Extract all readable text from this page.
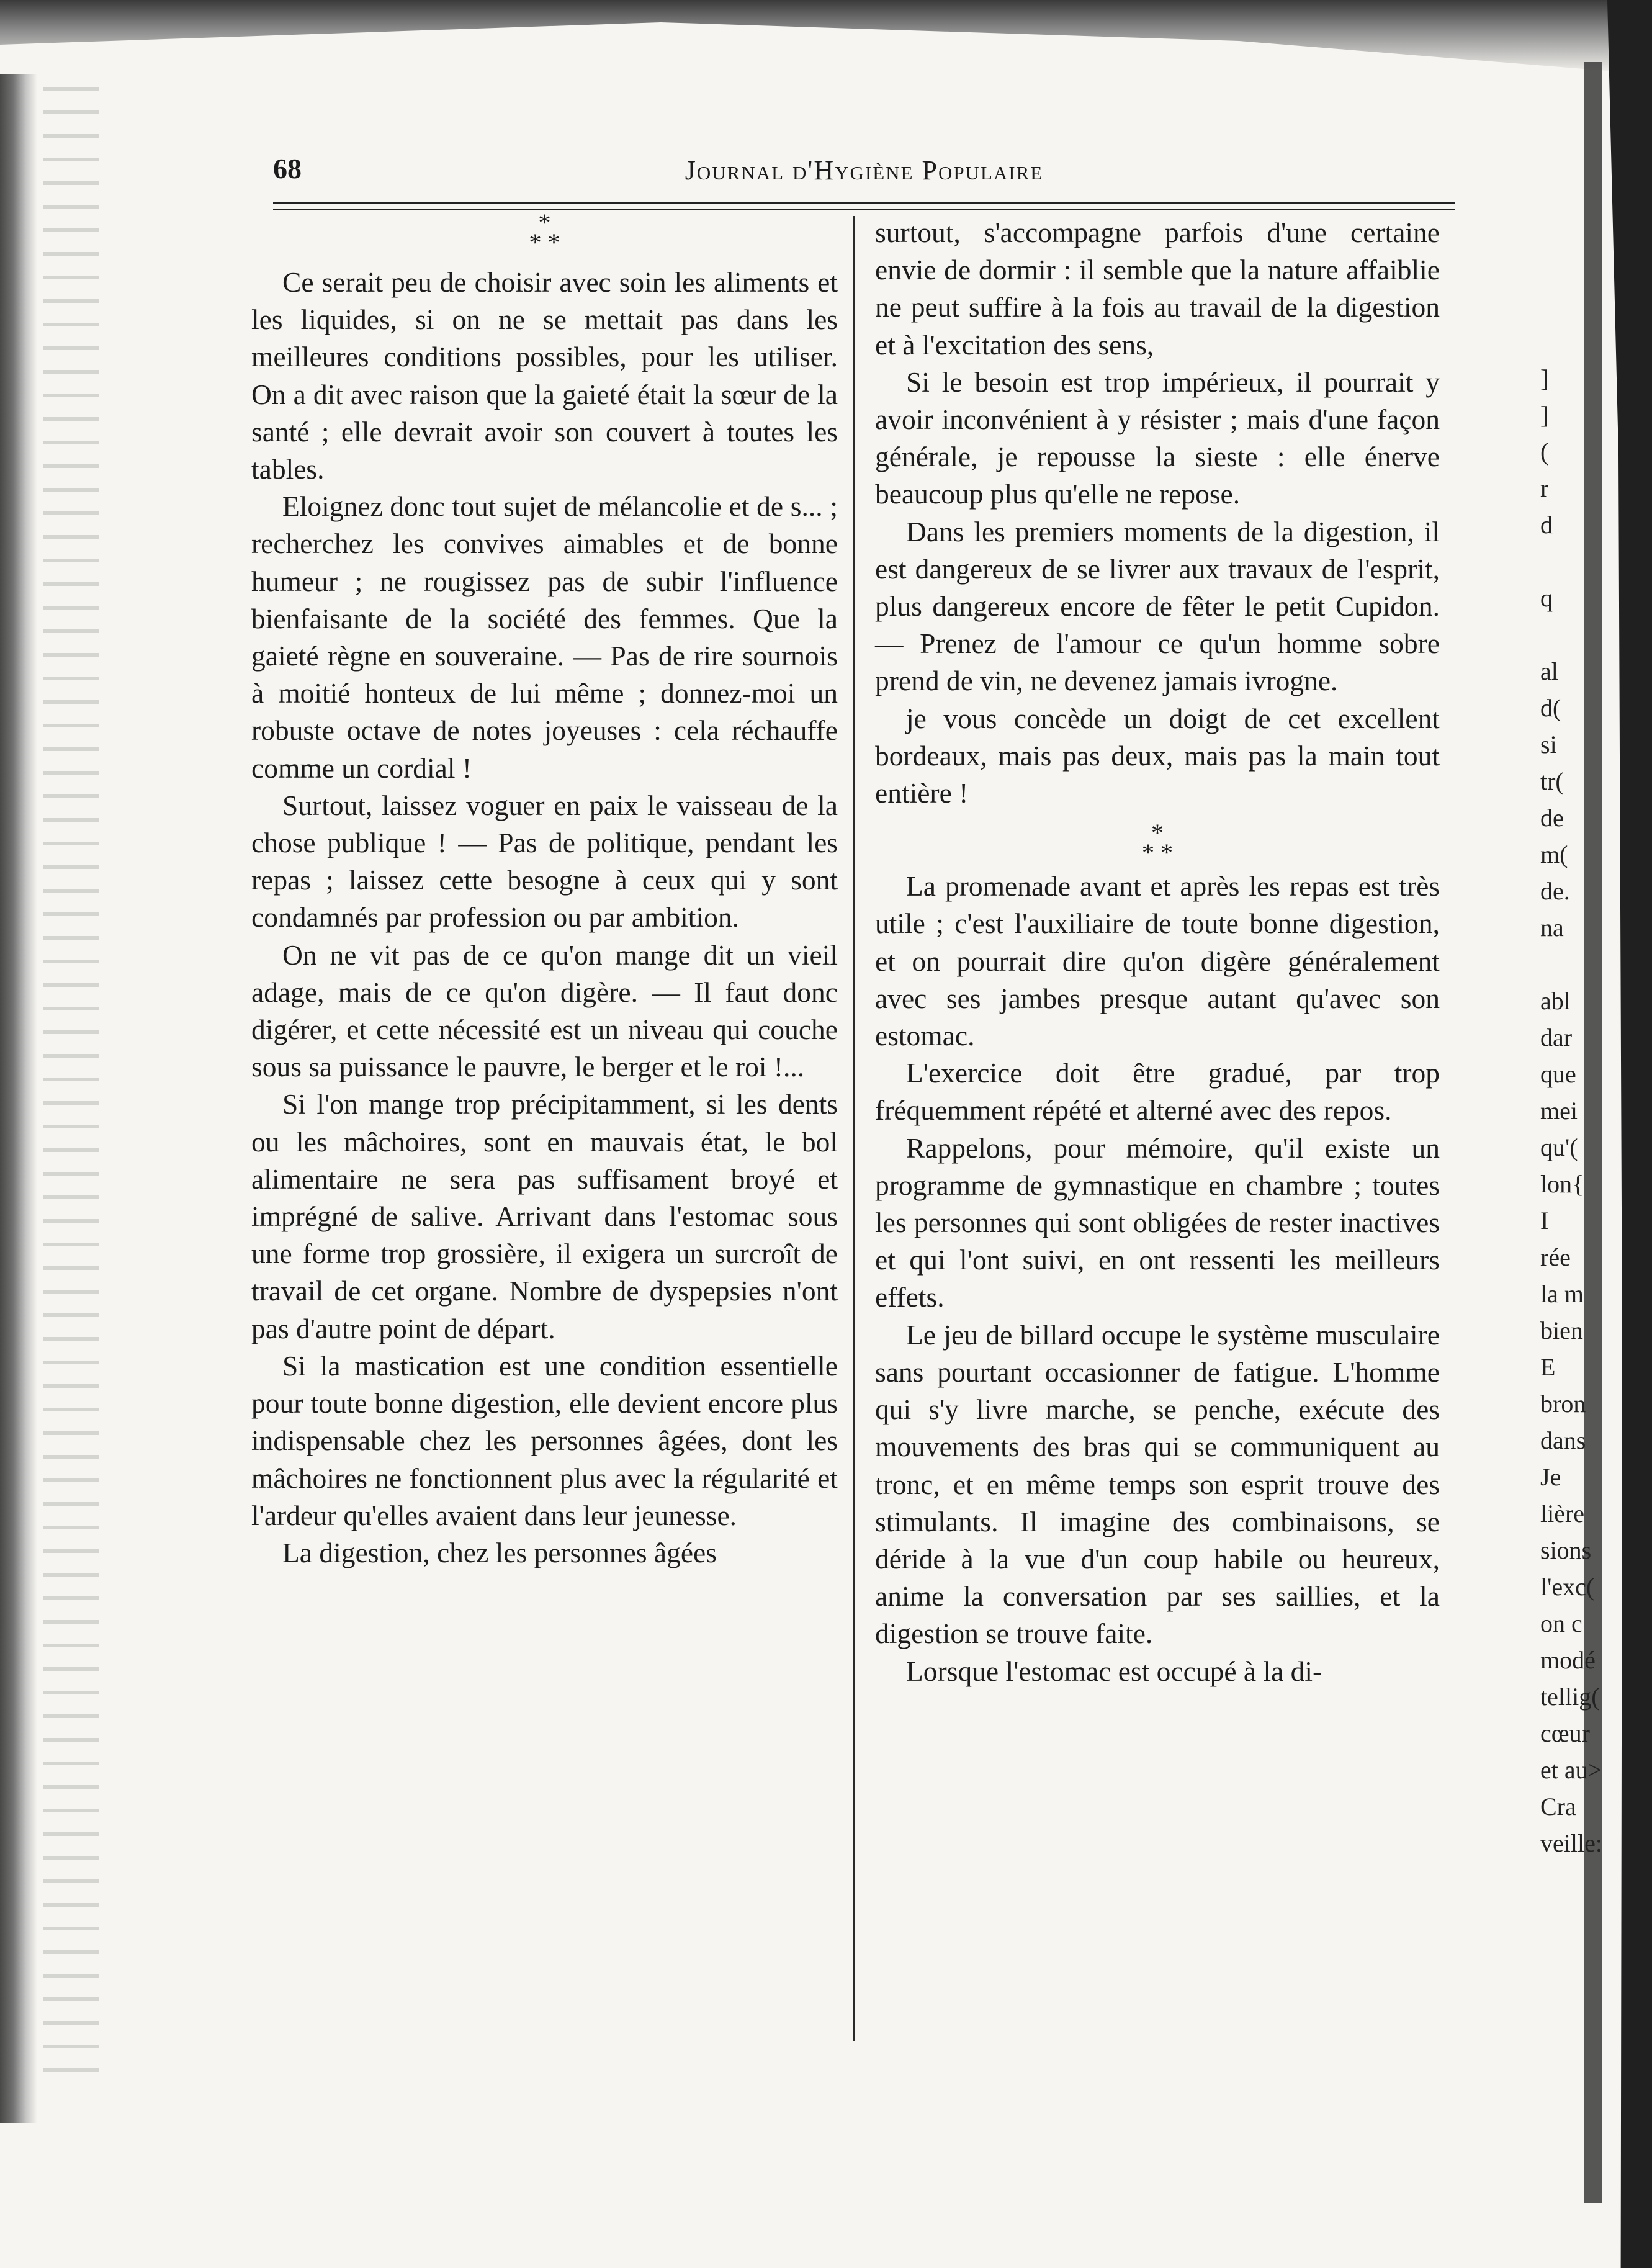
68	Journal d'Hygiène Populaire

*
* *

Ce serait peu de choisir avec soin les aliments et les liquides, si on ne se mettait pas dans les meilleures conditions possibles, pour les utiliser. On a dit avec raison que la gaieté était la sœur de la santé ; elle devrait avoir son couvert à toutes les tables.

Eloignez donc tout sujet de mélancolie et de s... ; recherchez les convives aimables et de bonne humeur ; ne rougissez pas de subir l'influence bienfaisante de la société des femmes. Que la gaieté règne en souveraine. — Pas de rire sournois à moitié honteux de lui même ; donnez-moi un robuste octave de notes joyeuses : cela réchauffe comme un cordial !

Surtout, laissez voguer en paix le vaisseau de la chose publique ! — Pas de politique, pendant les repas ; laissez cette besogne à ceux qui y sont condamnés par profession ou par ambition.

On ne vit pas de ce qu'on mange dit un vieil adage, mais de ce qu'on digère. — Il faut donc digérer, et cette nécessité est un niveau qui couche sous sa puissance le pauvre, le berger et le roi !...

Si l'on mange trop précipitamment, si les dents ou les mâchoires, sont en mauvais état, le bol alimentaire ne sera pas suffisament broyé et imprégné de salive. Arrivant dans l'estomac sous une forme trop grossière, il exigera un surcroît de travail de cet organe. Nombre de dyspepsies n'ont pas d'autre point de départ.

Si la mastication est une condition essentielle pour toute bonne digestion, elle devient encore plus indispensable chez les personnes âgées, dont les mâchoires ne fonctionnent plus avec la régularité et l'ardeur qu'elles avaient dans leur jeunesse.

La digestion, chez les personnes âgées

surtout, s'accompagne parfois d'une certaine envie de dormir : il semble que la nature affaiblie ne peut suffire à la fois au travail de la digestion et à l'excitation des sens,

Si le besoin est trop impérieux, il pourrait y avoir inconvénient à y résister ; mais d'une façon générale, je repousse la sieste : elle énerve beaucoup plus qu'elle ne repose.

Dans les premiers moments de la digestion, il est dangereux de se livrer aux travaux de l'esprit, plus dangereux encore de fêter le petit Cupidon. — Prenez de l'amour ce qu'un homme sobre prend de vin, ne devenez jamais ivrogne.

je vous concède un doigt de cet excellent bordeaux, mais pas deux, mais pas la main tout entière !

*
* *

La promenade avant et après les repas est très utile ; c'est l'auxiliaire de toute bonne digestion, et on pourrait dire qu'on digère généralement avec ses jambes presque autant qu'avec son estomac.

L'exercice doit être gradué, par trop fréquemment répété et alterné avec des repos.

Rappelons, pour mémoire, qu'il existe un programme de gymnastique en chambre ; toutes les personnes qui sont obligées de rester inactives et qui l'ont suivi, en ont ressenti les meilleurs effets.

Le jeu de billard occupe le système musculaire sans pourtant occasionner de fatigue. L'homme qui s'y livre marche, se penche, exécute des mouvements des bras qui se communiquent au tronc, et en même temps son esprit trouve des stimulants. Il imagine des combinaisons, se déride à la vue d'un coup habile ou heureux, anime la conversation par ses saillies, et la digestion se trouve faite.

Lorsque l'estomac est occupé à la di-

]
]
(
r
d
q
al
d(
si
tr(
de
m(
de.
na
abl
dar
que
mei
qu'(
lon{
I
rée
la m
bien
E
bron
dans
Je
lière
sions
l'exc(
on c
modé
tellig(
cœur
et au>
Cra
veille:
